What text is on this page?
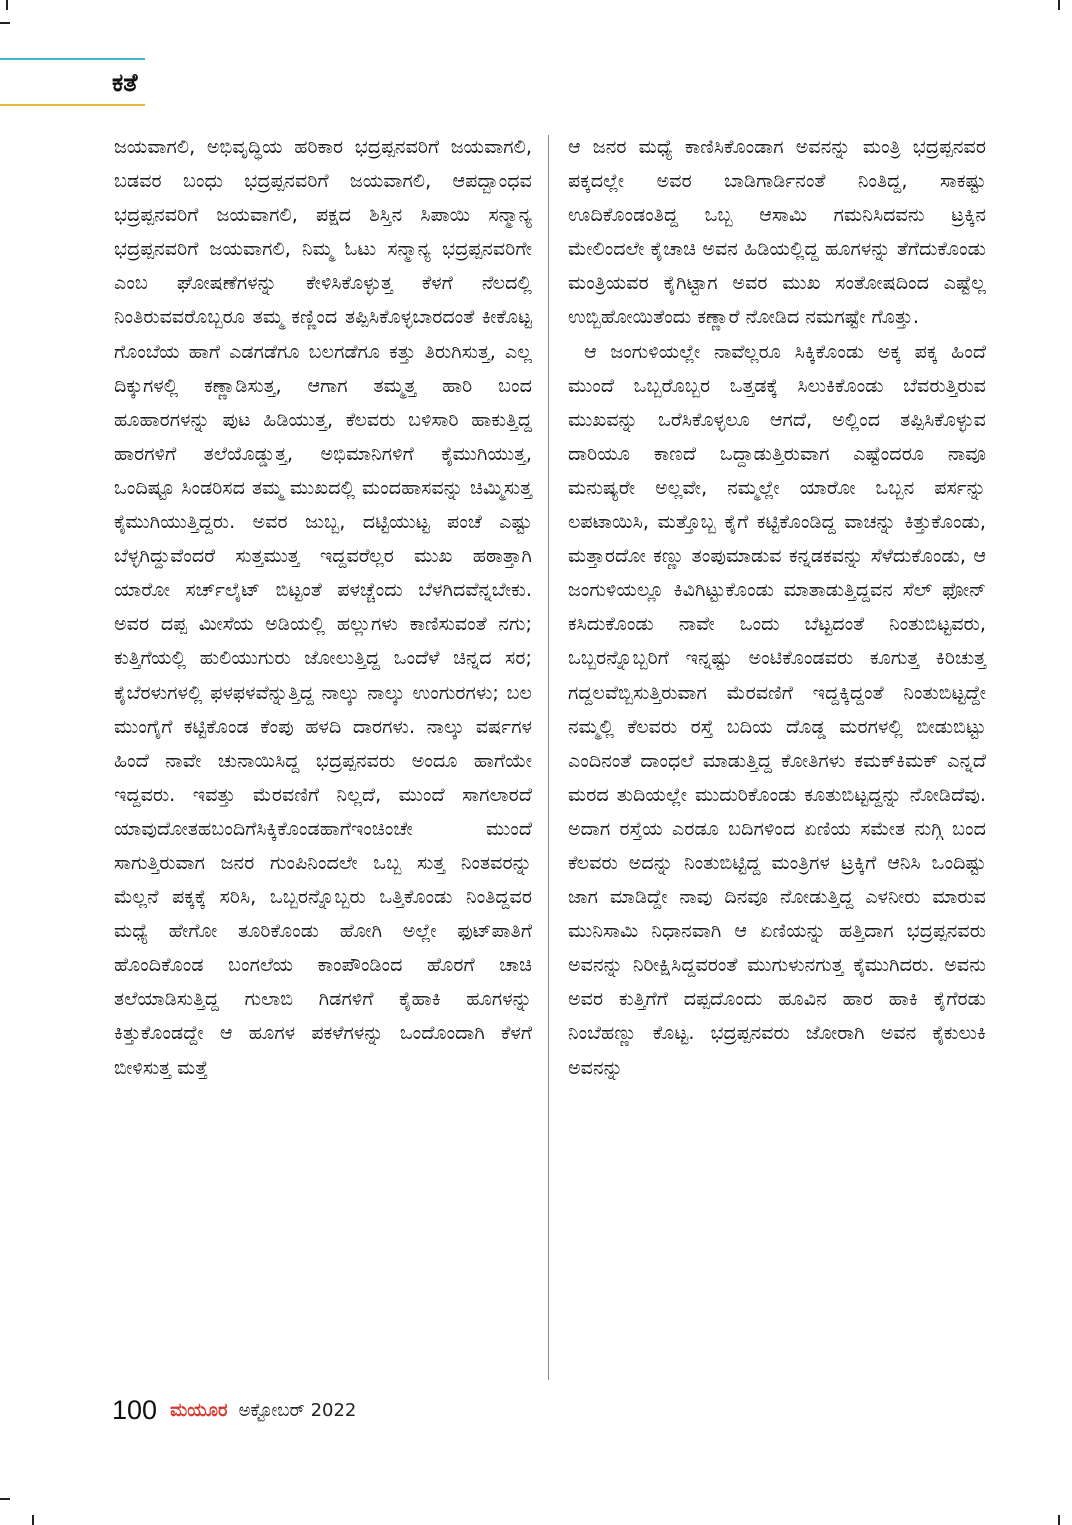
ಕತೆ

ಜಯವಾಗಲಿ, ಅಭಿವೃದ್ಧಿಯ ಹರಿಕಾರ ಭದ್ರಪ್ಪನವರಿಗೆ ಜಯವಾಗಲಿ, ಬಡವರ ಬಂಧು ಭದ್ರಪ್ಪನವರಿಗೆ ಜಯವಾಗಲಿ, ಆಪದ್ಬಾಂಧವ ಭದ್ರಪ್ಪನವರಿಗೆ ಜಯವಾಗಲಿ, ಪಕ್ಷದ ಶಿಸ್ತಿನ ಸಿಪಾಯಿ ಸನ್ಮಾನ್ಯ ಭದ್ರಪ್ಪನವರಿಗೆ ಜಯವಾಗಲಿ, ನಿಮ್ಮ ಓಟು ಸನ್ಮಾನ್ಯ ಭದ್ರಪ್ಪನವರಿಗೇ ಎಂಬ ಘೋಷಣೆಗಳನ್ನು ಕೇಳಿಸಿಕೊಳ್ಳುತ್ತ ಕೆಳಗೆ ನೆಲದಲ್ಲಿ ನಿಂತಿರುವವರೊಬ್ಬರೂ ತಮ್ಮ ಕಣ್ಣಿಂದ ತಪ್ಪಿಸಿಕೊಳ್ಳಬಾರದಂತೆ ಕೀಕೊಟ್ಟ ಗೊಂಬೆಯ ಹಾಗೆ ಎಡಗಡೆಗೂ ಬಲಗಡೆಗೂ ಕತ್ತು ತಿರುಗಿಸುತ್ತ, ಎಲ್ಲ ದಿಕ್ಕುಗಳಲ್ಲಿ ಕಣ್ಣಾಡಿಸುತ್ತ, ಆಗಾಗ ತಮ್ಮತ್ತ ಹಾರಿ ಬಂದ ಹೂಹಾರಗಳನ್ನು ಪುಟ ಹಿಡಿಯುತ್ತ, ಕೆಲವರು ಬಳಿಸಾರಿ ಹಾಕುತ್ತಿದ್ದ ಹಾರಗಳಿಗೆ ತಲೆಯೊಡ್ಡುತ್ತ, ಅಭಿಮಾನಿಗಳಿಗೆ ಕೈಮುಗಿಯುತ್ತ, ಒಂದಿಷ್ಟೂ ಸಿಂಡರಿಸದ ತಮ್ಮ ಮುಖದಲ್ಲಿ ಮಂದಹಾಸವನ್ನು ಚಿಮ್ಮಿಸುತ್ತ ಕೈಮುಗಿಯುತ್ತಿದ್ದರು. ಅವರ ಜುಬ್ಬ, ದಟ್ಟಿಯುಟ್ಟ ಪಂಚೆ ಎಷ್ಟು ಬೆಳ್ಳಗಿದ್ದುವೆಂದರೆ ಸುತ್ತಮುತ್ತ ಇದ್ದವರೆಲ್ಲರ ಮುಖ ಹಠಾತ್ತಾಗಿ ಯಾರೋ ಸರ್ಚ್‌ಲೈಟ್ ಬಿಟ್ಟಂತೆ ಪಳಚ್ಚೆಂದು ಬೆಳಗಿದವೆನ್ನಬೇಕು. ಅವರ ದಪ್ಪ ಮೀಸೆಯ ಅಡಿಯಲ್ಲಿ ಹಲ್ಲುಗಳು ಕಾಣಿಸುವಂತೆ ನಗು; ಕುತ್ತಿಗೆಯಲ್ಲಿ ಹುಲಿಯುಗುರು ಜೋಲುತ್ತಿದ್ದ ಒಂದೆಳೆ ಚಿನ್ನದ ಸರ; ಕೈಬೆರಳುಗಳಲ್ಲಿ ಫಳಫಳವೆನ್ನುತ್ತಿದ್ದ ನಾಲ್ಕು ನಾಲ್ಕು ಉಂಗುರಗಳು; ಬಲ ಮುಂಗೈಗೆ ಕಟ್ಟಿಕೊಂಡ ಕೆಂಪು ಹಳದಿ ದಾರಗಳು. ನಾಲ್ಕು ವರ್ಷಗಳ ಹಿಂದೆ ನಾವೇ ಚುನಾಯಿಸಿದ್ದ ಭದ್ರಪ್ಪನವರು ಅಂದೂ ಹಾಗೆಯೇ ಇದ್ದವರು. ಇವತ್ತು ಮೆರವಣಿಗೆ ನಿಲ್ಲದೆ, ಮುಂದೆ ಸಾಗಲಾರದೆ ಯಾವುದೋತಹಬಂದಿಗೆಸಿಕ್ಕಿಕೊಂಡಹಾಗೆಇಂಚಿಂಚೇ ಮುಂದೆ ಸಾಗುತ್ತಿರುವಾಗ ಜನರ ಗುಂಪಿನಿಂದಲೇ ಒಬ್ಬ ಸುತ್ತ ನಿಂತವರನ್ನು ಮೆಲ್ಲನೆ ಪಕ್ಕಕ್ಕೆ ಸರಿಸಿ, ಒಬ್ಬರನ್ನೊಬ್ಬರು ಒತ್ತಿಕೊಂಡು ನಿಂತಿದ್ದವರ ಮಧ್ಯೆ ಹೇಗೋ ತೂರಿಕೊಂಡು ಹೋಗಿ ಅಲ್ಲೇ ಫುಟ್‌ಪಾತಿಗೆ ಹೊಂದಿಕೊಂಡ ಬಂಗಲೆಯ ಕಾಂಪೌಂಡಿಂದ ಹೊರಗೆ ಚಾಚಿ ತಲೆಯಾಡಿಸುತ್ತಿದ್ದ ಗುಲಾಬಿ ಗಿಡಗಳಿಗೆ ಕೈಹಾಕಿ ಹೂಗಳನ್ನು ಕಿತ್ತುಕೊಂಡದ್ದೇ ಆ ಹೂಗಳ ಪಕಳೆಗಳನ್ನು ಒಂದೊಂದಾಗಿ ಕೆಳಗೆ ಬೀಳಿಸುತ್ತ ಮತ್ತೆ

ಆ ಜನರ ಮಧ್ಯೆ ಕಾಣಿಸಿಕೊಂಡಾಗ ಅವನನ್ನು ಮಂತ್ರಿ ಭದ್ರಪ್ಪನವರ ಪಕ್ಕದಲ್ಲೇ ಅವರ ಬಾಡಿಗಾರ್ಡಿನಂತೆ ನಿಂತಿದ್ದ, ಸಾಕಷ್ಟು ಊದಿಕೊಂಡಂತಿದ್ದ ಒಬ್ಬ ಆಸಾಮಿ ಗಮನಿಸಿದವನು ಟ್ರಕ್ಕಿನ ಮೇಲಿಂದಲೇ ಕೈಚಾಚಿ ಅವನ ಹಿಡಿಯಲ್ಲಿದ್ದ ಹೂಗಳನ್ನು ತೆಗೆದುಕೊಂಡು ಮಂತ್ರಿಯವರ ಕೈಗಿಟ್ಟಾಗ ಅವರ ಮುಖ ಸಂತೋಷದಿಂದ ಎಷ್ಟೆಲ್ಲ ಉಬ್ಬಿಹೋಯಿತೆಂದು ಕಣ್ಣಾರೆ ನೋಡಿದ ನಮಗಷ್ಟೇ ಗೊತ್ತು.

ಆ ಜಂಗುಳಿಯಲ್ಲೇ ನಾವೆಲ್ಲರೂ ಸಿಕ್ಕಿಕೊಂಡು ಅಕ್ಕ ಪಕ್ಕ ಹಿಂದೆ ಮುಂದೆ ಒಬ್ಬರೊಬ್ಬರ ಒತ್ತಡಕ್ಕೆ ಸಿಲುಕಿಕೊಂಡು ಬೆವರುತ್ತಿರುವ ಮುಖವನ್ನು ಒರೆಸಿಕೊಳ್ಳಲೂ ಆಗದೆ, ಅಲ್ಲಿಂದ ತಪ್ಪಿಸಿಕೊಳ್ಳುವ ದಾರಿಯೂ ಕಾಣದೆ ಒದ್ದಾಡುತ್ತಿರುವಾಗ ಎಷ್ಟೆಂದರೂ ನಾವೂ ಮನುಷ್ಯರೇ ಅಲ್ಲವೇ, ನಮ್ಮಲ್ಲೇ ಯಾರೋ ಒಬ್ಬನ ಪರ್ಸನ್ನು ಲಪಟಾಯಿಸಿ, ಮತ್ತೊಬ್ಬ ಕೈಗೆ ಕಟ್ಟಿಕೊಂಡಿದ್ದ ವಾಚನ್ನು ಕಿತ್ತುಕೊಂಡು, ಮತ್ತಾರದೋ ಕಣ್ಣು ತಂಪುಮಾಡುವ ಕನ್ನಡಕವನ್ನು ಸೆಳೆದುಕೊಂಡು, ಆ ಜಂಗುಳಿಯಲ್ಲೂ ಕಿವಿಗಿಟ್ಟುಕೊಂಡು ಮಾತಾಡುತ್ತಿದ್ದವನ ಸೆಲ್ ಫೋನ್ ಕಸಿದುಕೊಂಡು ನಾವೇ ಒಂದು ಬೆಟ್ಟದಂತೆ ನಿಂತುಬಿಟ್ಟವರು, ಒಬ್ಬರನ್ನೊಬ್ಬರಿಗೆ ಇನ್ನಷ್ಟು ಅಂಟಿಕೊಂಡವರು ಕೂಗುತ್ತ ಕಿರಿಚುತ್ತ ಗದ್ದಲವೆಬ್ಬಿಸುತ್ತಿರುವಾಗ ಮೆರವಣಿಗೆ ಇದ್ದಕ್ಕಿದ್ದಂತೆ ನಿಂತುಬಿಟ್ಟದ್ದೇ ನಮ್ಮಲ್ಲಿ ಕೆಲವರು ರಸ್ತೆ ಬದಿಯ ದೊಡ್ಡ ಮರಗಳಲ್ಲಿ ಬೀಡುಬಿಟ್ಟು ಎಂದಿನಂತೆ ದಾಂಧಲೆ ಮಾಡುತ್ತಿದ್ದ ಕೋತಿಗಳು ಕಮಕ್‌ಕಿಮಕ್ ಎನ್ನದೆ ಮರದ ತುದಿಯಲ್ಲೇ ಮುದುರಿಕೊಂಡು ಕೂತುಬಿಟ್ಟದ್ದನ್ನು ನೋಡಿದೆವು. ಅದಾಗ ರಸ್ತೆಯ ಎರಡೂ ಬದಿಗಳಿಂದ ಏಣಿಯ ಸಮೇತ ನುಗ್ಗಿ ಬಂದ ಕೆಲವರು ಅದನ್ನು ನಿಂತುಬಿಟ್ಟಿದ್ದ ಮಂತ್ರಿಗಳ ಟ್ರಕ್ಕಿಗೆ ಆನಿಸಿ ಒಂದಿಷ್ಟು ಜಾಗ ಮಾಡಿದ್ದೇ ನಾವು ದಿನವೂ ನೋಡುತ್ತಿದ್ದ ಎಳನೀರು ಮಾರುವ ಮುನಿಸಾಮಿ ನಿಧಾನವಾಗಿ ಆ ಏಣಿಯನ್ನು ಹತ್ತಿದಾಗ ಭದ್ರಪ್ಪನವರು ಅವನನ್ನು ನಿರೀಕ್ಷಿಸಿದ್ದವರಂತೆ ಮುಗುಳುನಗುತ್ತ ಕೈಮುಗಿದರು. ಅವನು ಅವರ ಕುತ್ತಿಗೆಗೆ ದಪ್ಪದೊಂದು ಹೂವಿನ ಹಾರ ಹಾಕಿ ಕೈಗೆರಡು ನಿಂಬೆಹಣ್ಣು ಕೊಟ್ಟ. ಭದ್ರಪ್ಪನವರು ಜೋರಾಗಿ ಅವನ ಕೈಕುಲುಕಿ ಅವನನ್ನು

100 ಮಯೂರ ಅಕ್ಟೋಬರ್ 2022
